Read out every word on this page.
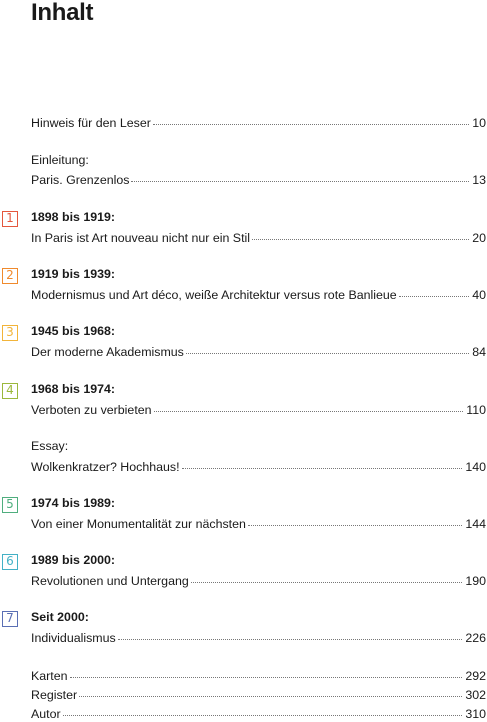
Inhalt
Hinweis für den Leser	10
Einleitung:
Paris. Grenzenlos	13
1	1898 bis 1919:
In Paris ist Art nouveau nicht nur ein Stil	20
2	1919 bis 1939:
Modernismus und Art déco, weiße Architektur versus rote Banlieue	40
3	1945 bis 1968:
Der moderne Akademismus	84
4	1968 bis 1974:
Verboten zu verbieten	110
Essay:
Wolkenkratzer? Hochhaus!	140
5	1974 bis 1989:
Von einer Monumentalität zur nächsten	144
6	1989 bis 2000:
Revolutionen und Untergang	190
7	Seit 2000:
Individualismus	226
Karten	292
Register	302
Autor	310
